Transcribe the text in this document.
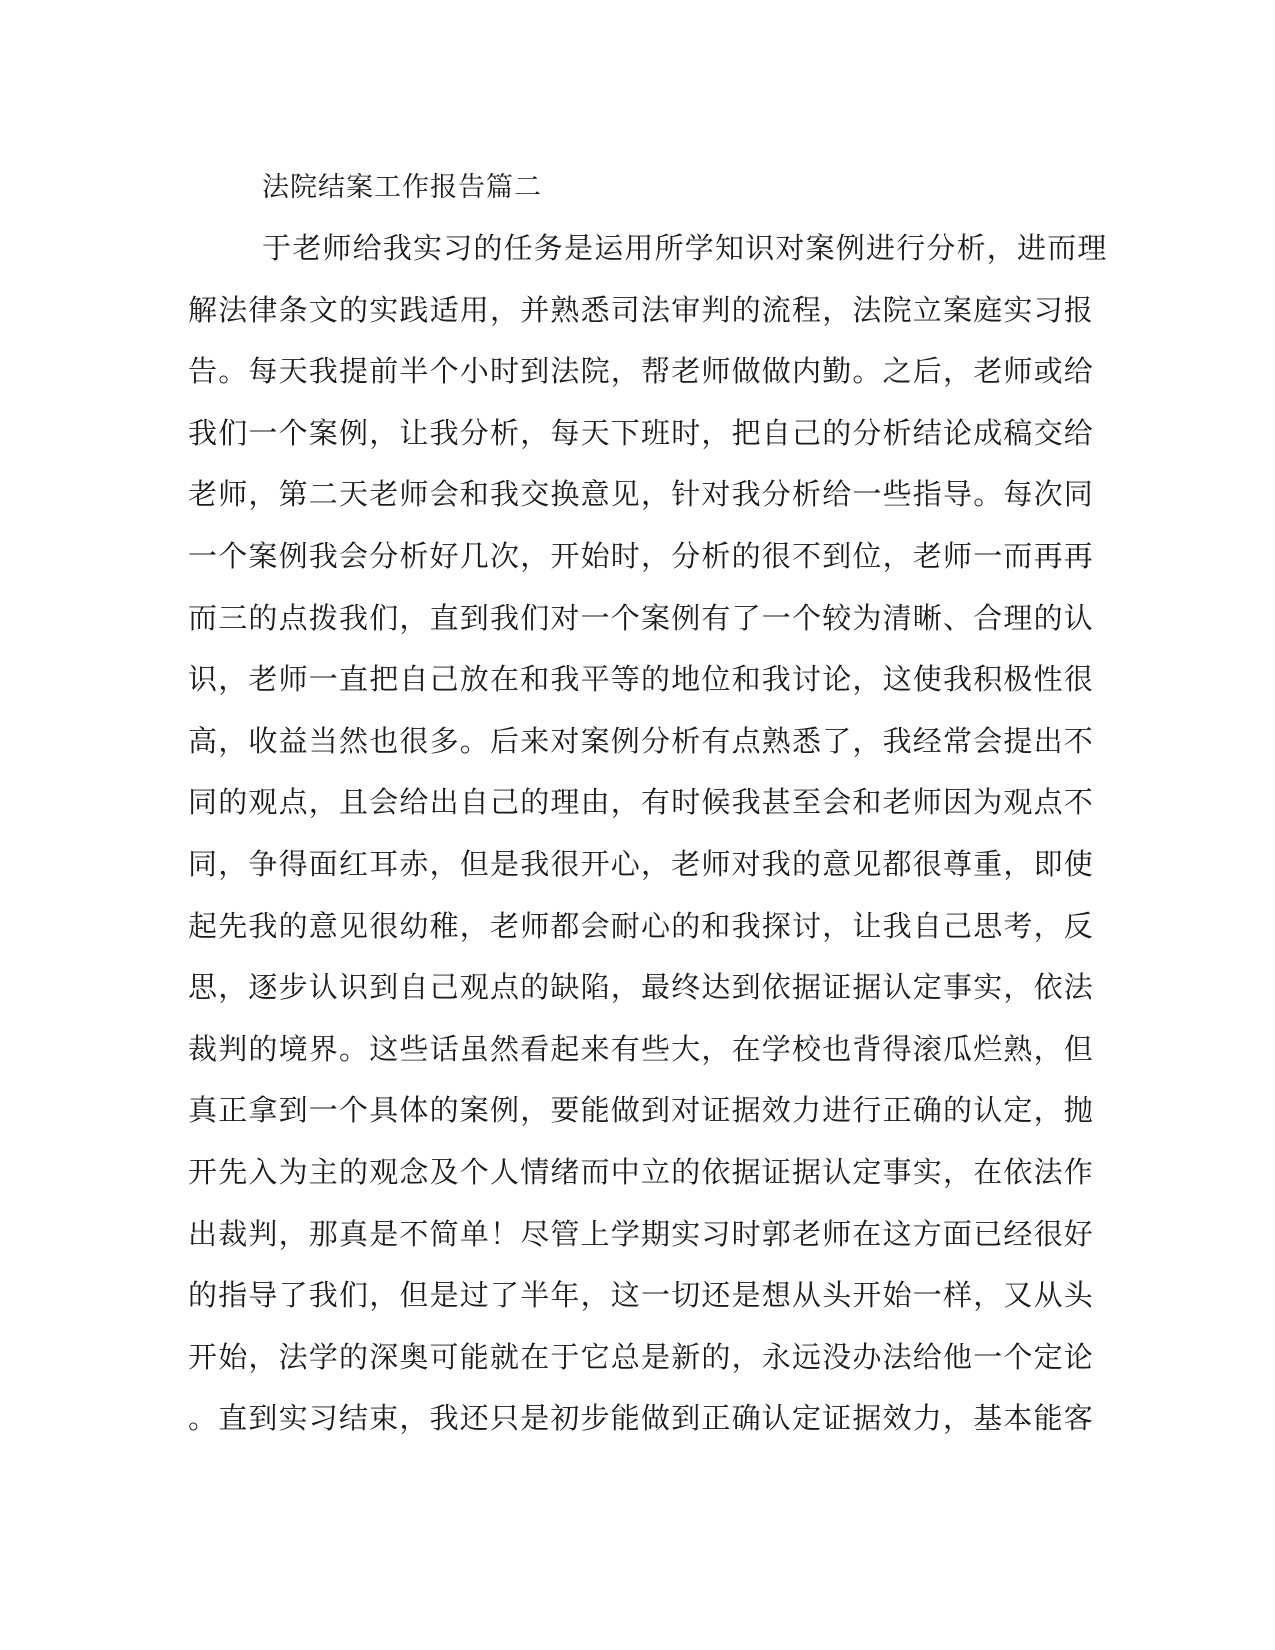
法院结案工作报告篇二
于老师给我实习的任务是运用所学知识对案例进行分析，进而理
解法律条文的实践适用，并熟悉司法审判的流程，法院立案庭实习报
告。每天我提前半个小时到法院，帮老师做做内勤。之后，老师或给
我们一个案例，让我分析，每天下班时，把自己的分析结论成稿交给
老师，第二天老师会和我交换意见，针对我分析给一些指导。每次同
一个案例我会分析好几次，开始时，分析的很不到位，老师一而再再
而三的点拨我们，直到我们对一个案例有了一个较为清晰、合理的认
识，老师一直把自己放在和我平等的地位和我讨论，这使我积极性很
高，收益当然也很多。后来对案例分析有点熟悉了，我经常会提出不
同的观点，且会给出自己的理由，有时候我甚至会和老师因为观点不
同，争得面红耳赤，但是我很开心，老师对我的意见都很尊重，即使
起先我的意见很幼稚，老师都会耐心的和我探讨，让我自己思考，反
思，逐步认识到自己观点的缺陷，最终达到依据证据认定事实，依法
裁判的境界。这些话虽然看起来有些大，在学校也背得滚瓜烂熟，但
真正拿到一个具体的案例，要能做到对证据效力进行正确的认定，抛
开先入为主的观念及个人情绪而中立的依据证据认定事实，在依法作
出裁判，那真是不简单！尽管上学期实习时郭老师在这方面已经很好
的指导了我们，但是过了半年，这一切还是想从头开始一样，又从头
开始，法学的深奥可能就在于它总是新的，永远没办法给他一个定论
。直到实习结束，我还只是初步能做到正确认定证据效力，基本能客
